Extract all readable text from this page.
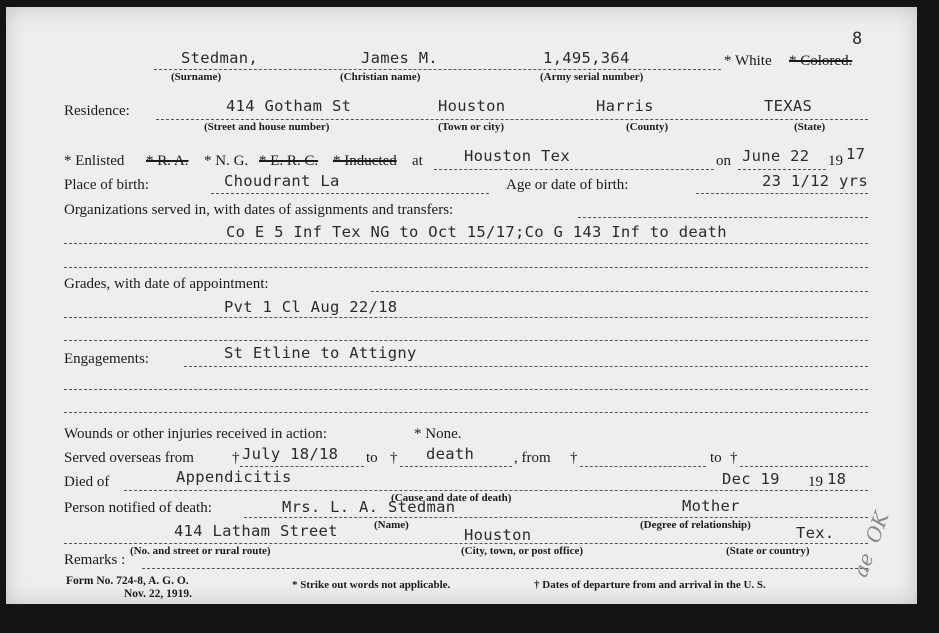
8
Stedman,	James M.	1,495,364	* White * Colored.
(Surname)	(Christian name)	(Army serial number)
Residence:	414 Gotham St	Houston	Harris	TEXAS
(Street and house number)	(Town or city)	(County)	(State)
* Enlisted * R. A. * N. G. * E. R. C. * Inducted at	Houston Tex	on June 22 19 17
Place of birth:	Choudrant La	Age or date of birth:	23 1/12 yrs
Organizations served in, with dates of assignments and transfers:
Co E 5 Inf Tex NG to Oct 15/17;Co G 143 Inf to death
Grades, with date of appointment:
Pvt 1 Cl Aug 22/18
Engagements:	St Etline to Attigny
Wounds or other injuries received in action:	* None.
Served overseas from	† July 18/18 to † death	, from †	to †
Died of	Appendicitis	Dec 19 19 18
(Cause and date of death)
Person notified of death:	Mrs. L. A. Stedman	Mother
(Name)	(Degree of relationship)
414 Latham Street	Houston	Tex.
(No. and street or rural route)	(City, town, or post office)	(State or country)
Remarks :	ae  OK
Form No. 724-8, A. G. O.
Nov. 22, 1919.
* Strike out words not applicable.	† Dates of departure from and arrival in the U. S.
